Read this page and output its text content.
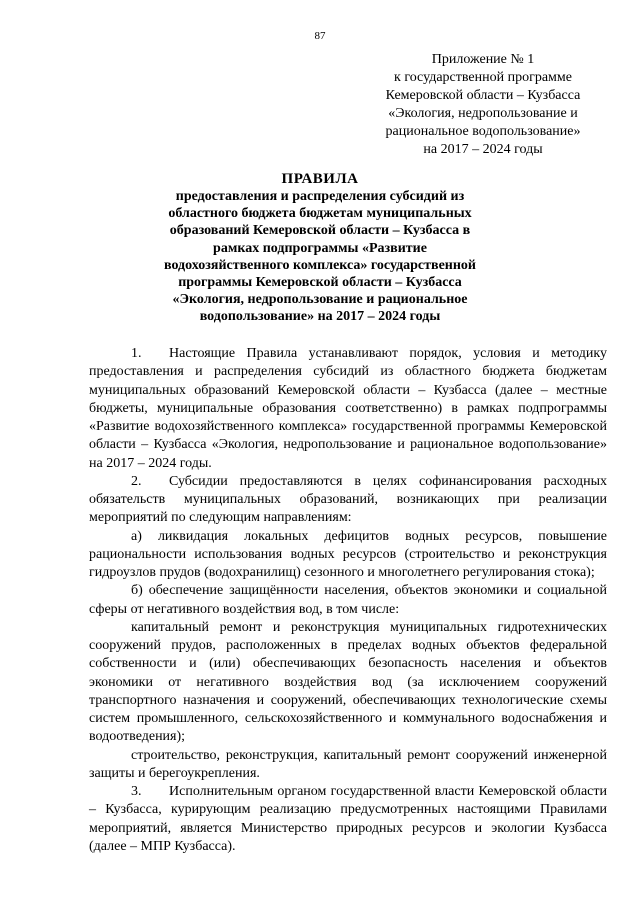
87
Приложение № 1
к государственной программе
Кемеровской области – Кузбасса
«Экология, недропользование и
рациональное водопользование»
на 2017 – 2024 годы
ПРАВИЛА
предоставления и распределения субсидий из
областного бюджета бюджетам муниципальных
образований Кемеровской области – Кузбасса в
рамках подпрограммы «Развитие
водохозяйственного комплекса» государственной
программы Кемеровской области – Кузбасса
«Экология, недропользование и рациональное
водопользование» на 2017 – 2024 годы

1. Настоящие Правила устанавливают порядок, условия и методику предоставления и распределения субсидий из областного бюджета бюджетам муниципальных образований Кемеровской области – Кузбасса (далее – местные бюджеты, муниципальные образования соответственно) в рамках подпрограммы «Развитие водохозяйственного комплекса» государственной программы Кемеровской области – Кузбасса «Экология, недропользование и рациональное водопользование» на 2017 – 2024 годы.

2. Субсидии предоставляются в целях софинансирования расходных обязательств муниципальных образований, возникающих при реализации мероприятий по следующим направлениям:

а) ликвидация локальных дефицитов водных ресурсов, повышение рациональности использования водных ресурсов (строительство и реконструкция гидроузлов прудов (водохранилищ) сезонного и многолетнего регулирования стока);

б) обеспечение защищённости населения, объектов экономики и социальной сферы от негативного воздействия вод, в том числе:

капитальный ремонт и реконструкция муниципальных гидротехнических сооружений прудов, расположенных в пределах водных объектов федеральной собственности и (или) обеспечивающих безопасность населения и объектов экономики от негативного воздействия вод (за исключением сооружений транспортного назначения и сооружений, обеспечивающих технологические схемы систем промышленного, сельскохозяйственного и коммунального водоснабжения и водоотведения);

строительство, реконструкция, капитальный ремонт сооружений инженерной защиты и берегоукрепления.

3. Исполнительным органом государственной власти Кемеровской области – Кузбасса, курирующим реализацию предусмотренных настоящими Правилами мероприятий, является Министерство природных ресурсов и экологии Кузбасса (далее – МПР Кузбасса).
